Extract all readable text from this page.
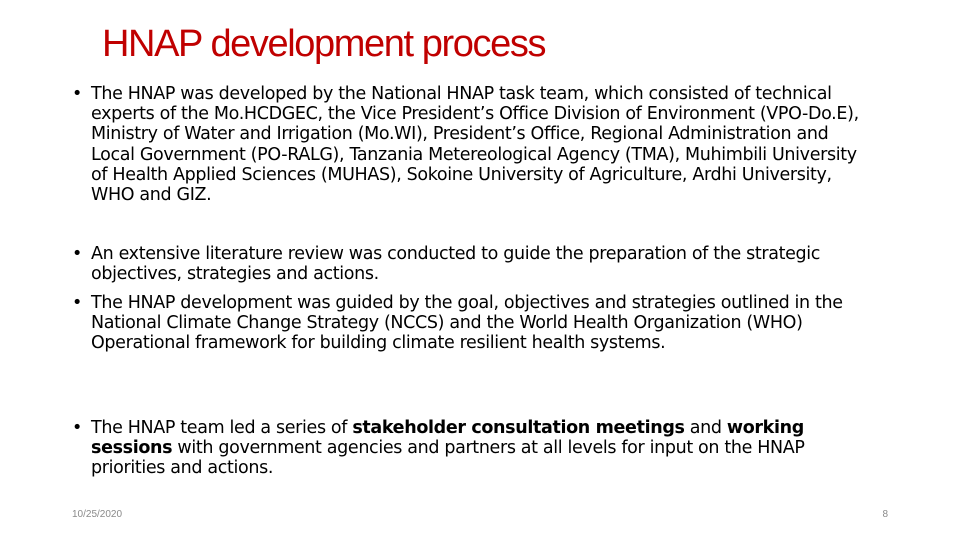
HNAP development process
• The HNAP was developed by the National HNAP task team, which consisted of technical experts of the Mo.HCDGEC, the Vice President’s Office Division of Environment (VPO-Do.E), Ministry of Water and Irrigation (Mo.WI), President’s Office, Regional Administration and Local Government (PO-RALG), Tanzania Metereological Agency (TMA), Muhimbili University of Health Applied Sciences (MUHAS), Sokoine University of Agriculture, Ardhi University, WHO and GIZ.
• An extensive literature review was conducted to guide the preparation of the strategic objectives, strategies and actions.
• The HNAP development was guided by the goal, objectives and strategies outlined in the National Climate Change Strategy (NCCS) and the World Health Organization (WHO) Operational framework for building climate resilient health systems.
• The HNAP team led a series of stakeholder consultation meetings and working sessions with government agencies and partners at all levels for input on the HNAP priorities and actions.
10/25/2020	8
